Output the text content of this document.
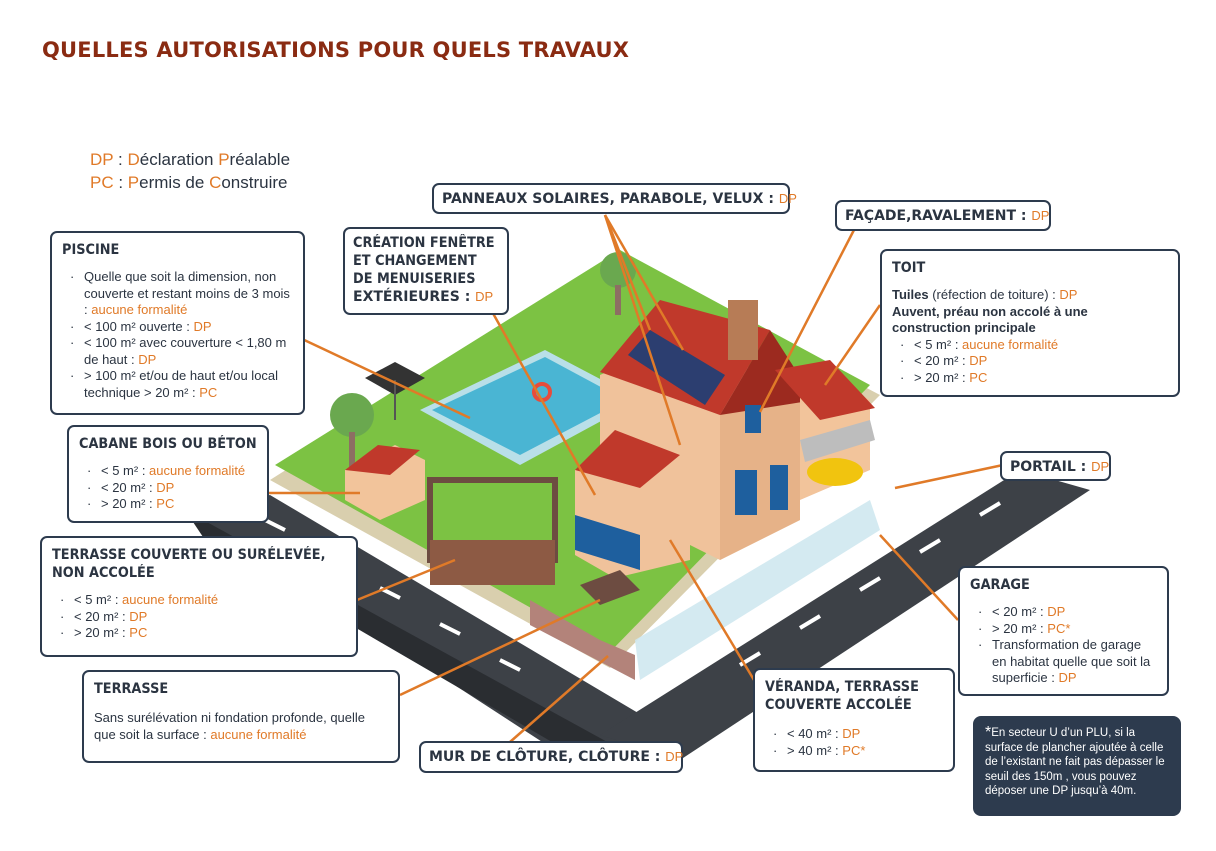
QUELLES AUTORISATIONS POUR QUELS TRAVAUX
DP : Déclaration Préalable
PC : Permis de Construire
PANNEAUX SOLAIRES, PARABOLE, VELUX : DP
FAÇADE,RAVALEMENT : DP
PISCINE
· Quelle que soit la dimension, non couverte et restant moins de 3 mois : aucune formalité
· < 100 m² ouverte : DP
· < 100 m² avec couverture < 1,80 m de haut : DP
· > 100 m² et/ou de haut et/ou local technique > 20 m² : PC
CRÉATION FENÊTRE
ET CHANGEMENT
DE MENUISERIES
EXTÉRIEURES : DP
TOIT
Tuiles (réfection de toiture) : DP
Auvent, préau non accolé à une construction principale
· < 5 m² : aucune formalité
· < 20 m² : DP
· > 20 m² : PC
CABANE BOIS OU BÉTON
· < 5 m² : aucune formalité
· < 20 m² : DP
· > 20 m² : PC
PORTAIL : DP
TERRASSE COUVERTE OU SURÉLEVÉE,
NON ACCOLÉE
· < 5 m² : aucune formalité
· < 20 m² : DP
· > 20 m² : PC
GARAGE
· < 20 m² : DP
· > 20 m² : PC*
· Transformation de garage en habitat quelle que soit la superficie : DP
TERRASSE
Sans surélévation ni fondation profonde, quelle que soit la surface : aucune formalité
VÉRANDA, TERRASSE
COUVERTE ACCOLÉE
· < 40 m² : DP
· > 40 m² : PC*
MUR DE CLÔTURE, CLÔTURE : DP
*En secteur U d’un PLU, si la surface de plancher ajoutée à celle de l’existant ne fait pas dépasser le seuil des 150m , vous pouvez déposer une DP jusqu’à 40m.
